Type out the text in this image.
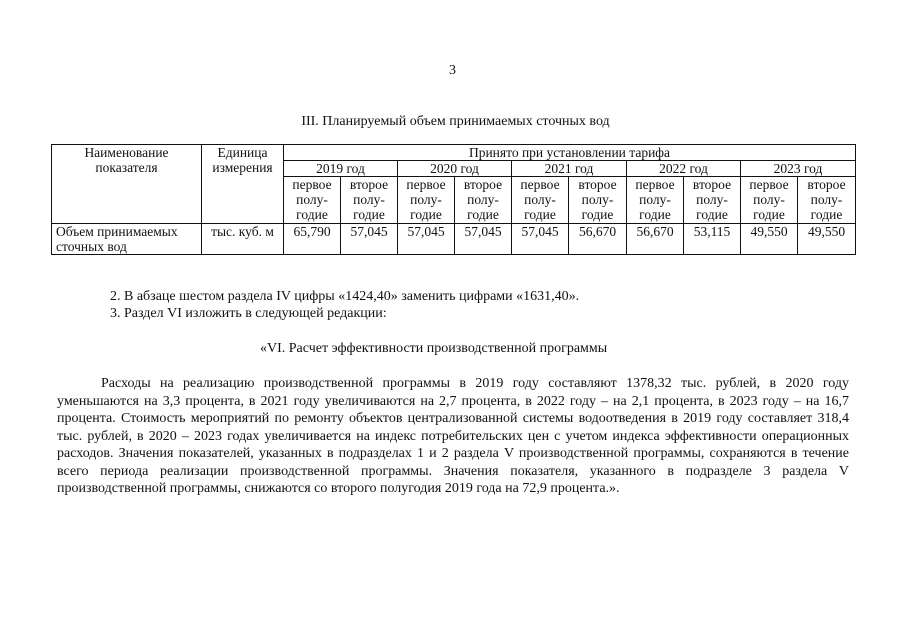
3
III. Планируемый объем принимаемых сточных вод
Наименование показателя	Единица измерения	Принято при установлении тарифа									
		2019 год		2020 год		2021 год		2022 год		2023 год	
		первое полу-годие	второе полу-годие	первое полу-годие	второе полу-годие	первое полу-годие	второе полу-годие	первое полу-годие	второе полу-годие	первое полу-годие	второе полу-годие
Объем принимаемых сточных вод	тыс. куб. м	65,790	57,045	57,045	57,045	57,045	56,670	56,670	53,115	49,550	49,550
2. В абзаце шестом раздела IV цифры «1424,40» заменить цифрами «1631,40».
3. Раздел VI изложить в следующей редакции:
«VI. Расчет эффективности производственной программы

Расходы на реализацию производственной программы в 2019 году составляют 1378,32 тыс. рублей, в 2020 году уменьшаются на 3,3 процента, в 2021 году увеличиваются на 2,7 процента, в 2022 году – на 2,1 процента, в 2023 году – на 16,7 процента. Стоимость мероприятий по ремонту объектов централизованной системы водоотведения в 2019 году составляет 318,4 тыс. рублей, в 2020 – 2023 годах увеличивается на индекс потребительских цен с учетом индекса эффективности операционных расходов. Значения показателей, указанных в подразделах 1 и 2 раздела V производственной программы, сохраняются в течение всего периода реализации производственной программы. Значения показателя, указанного в подразделе 3 раздела V производственной программы, снижаются со второго полугодия 2019 года на 72,9 процента.».
